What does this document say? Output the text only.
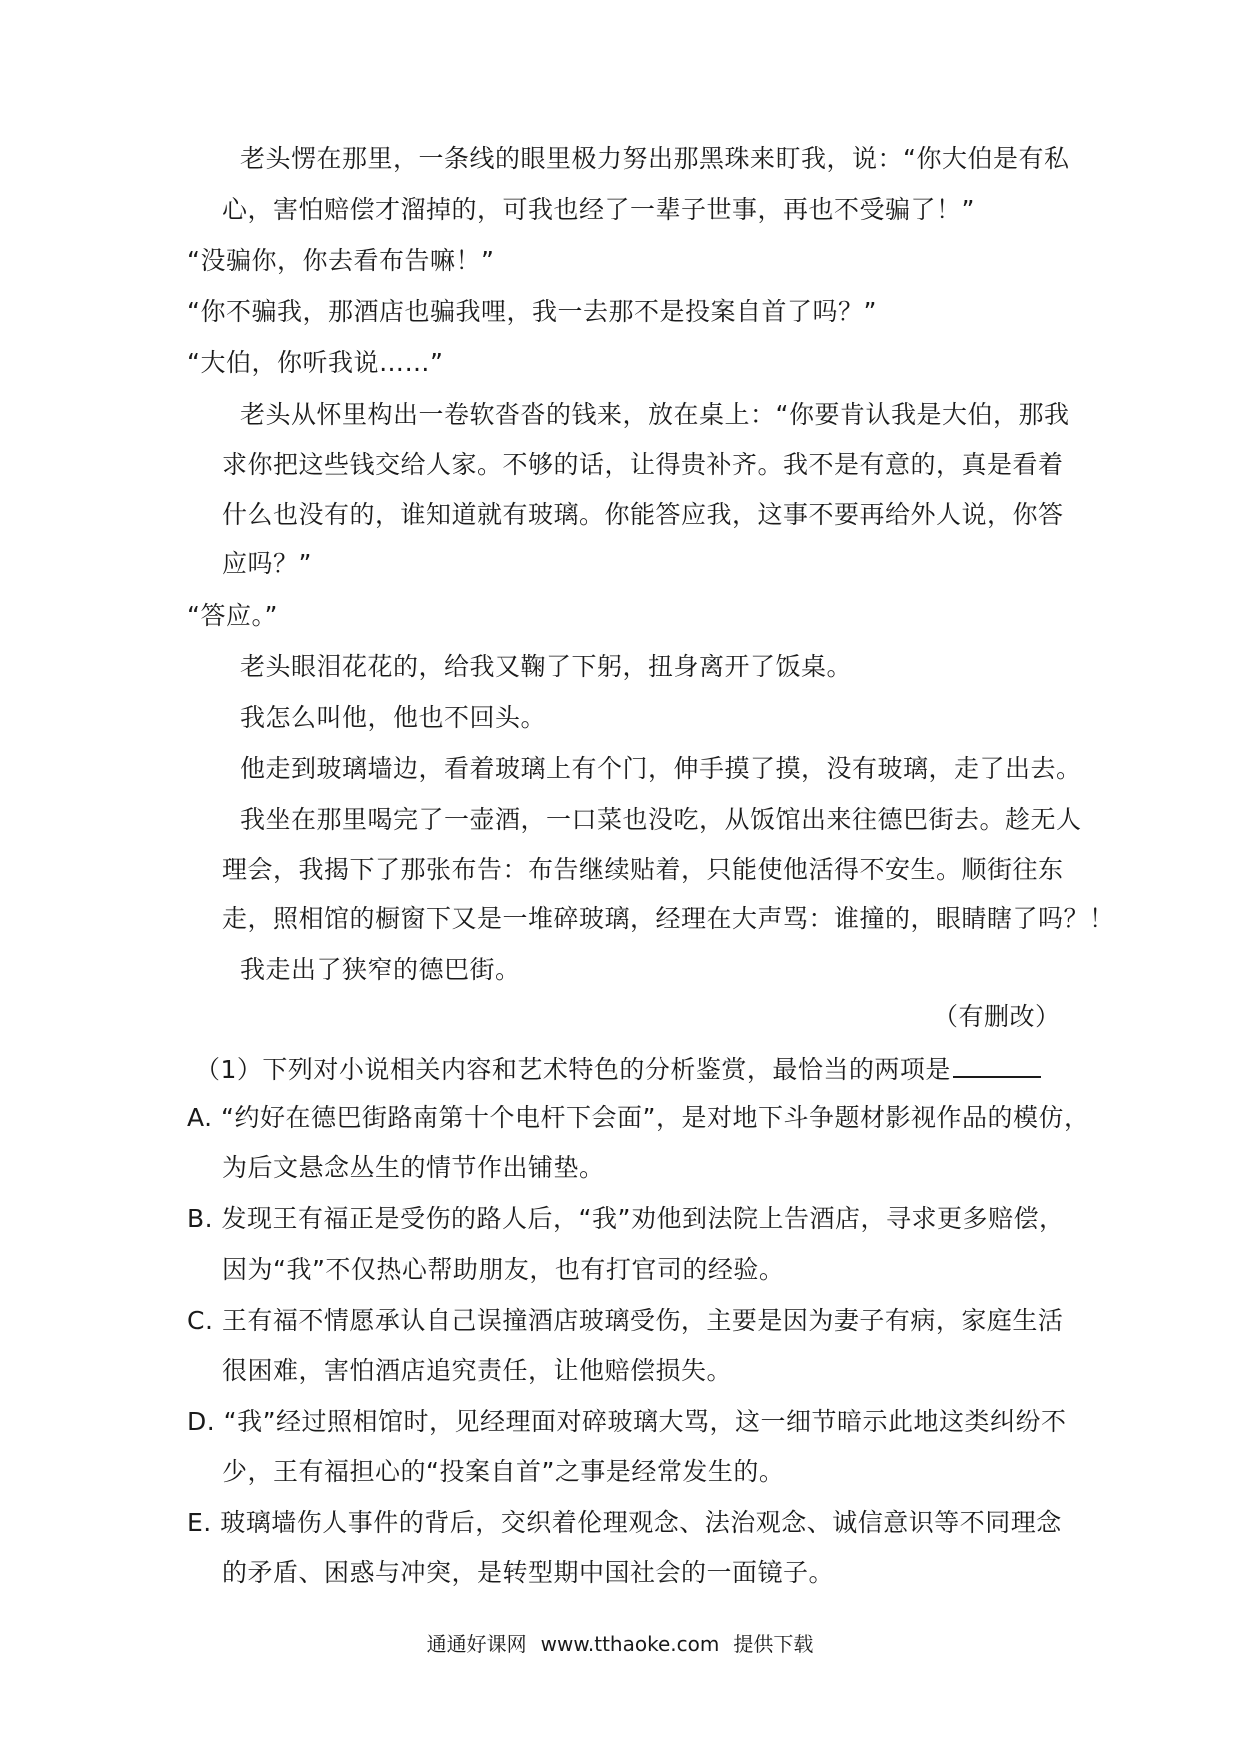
老头愣在那里，一条线的眼里极力努出那黑珠来盯我，说：“你大伯是有私
心，害怕赔偿才溜掉的，可我也经了一辈子世事，再也不受骗了！”
“没骗你，你去看布告嘛！”
“你不骗我，那酒店也骗我哩，我一去那不是投案自首了吗？”
“大伯，你听我说……”
老头从怀里构出一卷软沓沓的钱来，放在桌上：“你要肯认我是大伯，那我
求你把这些钱交给人家。不够的话，让得贵补齐。我不是有意的，真是看着
什么也没有的，谁知道就有玻璃。你能答应我，这事不要再给外人说，你答
应吗？”
“答应。”
老头眼泪花花的，给我又鞠了下躬，扭身离开了饭桌。
我怎么叫他，他也不回头。
他走到玻璃墙边，看着玻璃上有个门，伸手摸了摸，没有玻璃，走了出去。
我坐在那里喝完了一壶酒，一口菜也没吃，从饭馆出来往德巴街去。趁无人
理会，我揭下了那张布告：布告继续贴着，只能使他活得不安生。顺街往东
走，照相馆的橱窗下又是一堆碎玻璃，经理在大声骂：谁撞的，眼睛瞎了吗？！
我走出了狭窄的德巴街。
（有删改）
（1）下列对小说相关内容和艺术特色的分析鉴赏，最恰当的两项是
A. “约好在德巴街路南第十个电杆下会面”，是对地下斗争题材影视作品的模仿，
为后文悬念丛生的情节作出铺垫。
B. 发现王有福正是受伤的路人后，“我”劝他到法院上告酒店，寻求更多赔偿，
因为“我”不仅热心帮助朋友，也有打官司的经验。
C. 王有福不情愿承认自己误撞酒店玻璃受伤，主要是因为妻子有病，家庭生活
很困难，害怕酒店追究责任，让他赔偿损失。
D. “我”经过照相馆时，见经理面对碎玻璃大骂，这一细节暗示此地这类纠纷不
少，王有福担心的“投案自首”之事是经常发生的。
E. 玻璃墙伤人事件的背后，交织着伦理观念、法治观念、诚信意识等不同理念
的矛盾、困惑与冲突，是转型期中国社会的一面镜子。
通通好课网 www.tthaoke.com 提供下载
